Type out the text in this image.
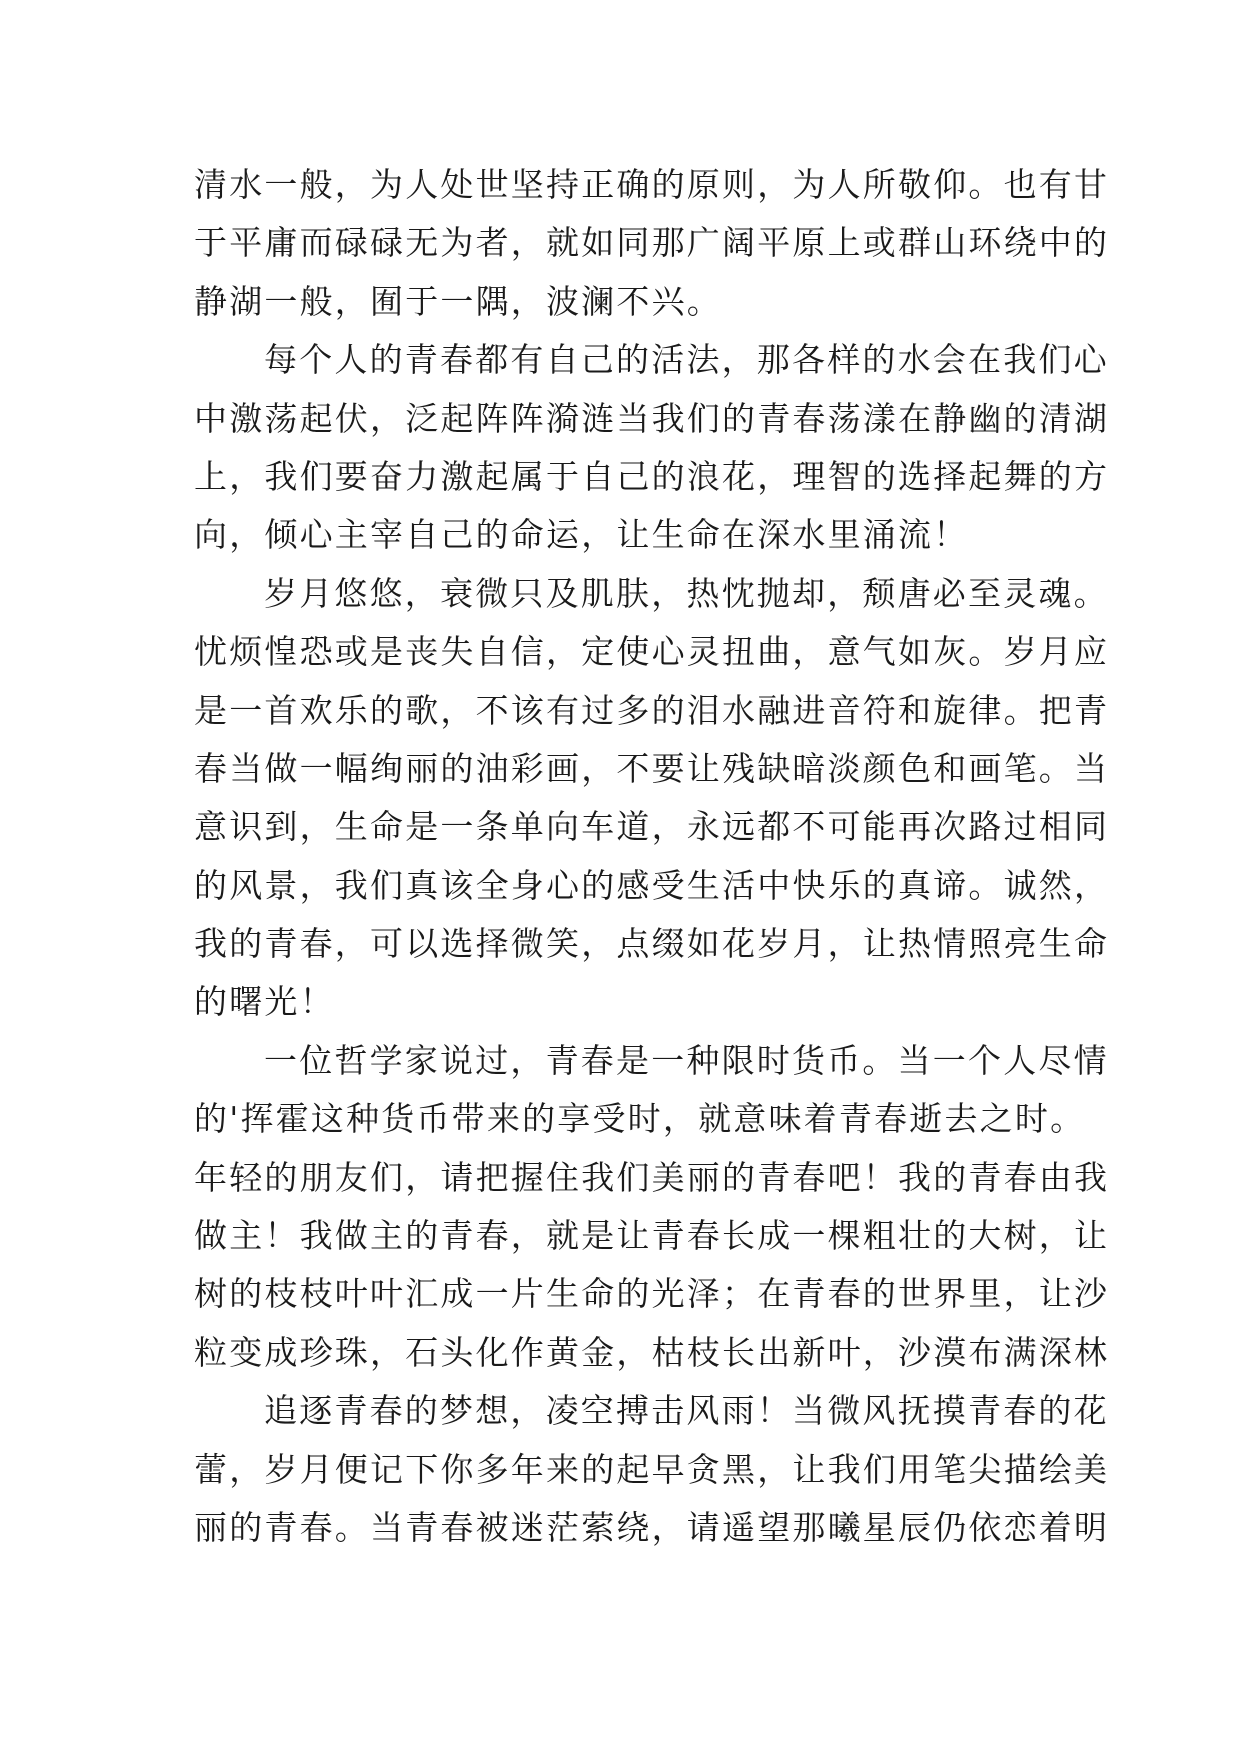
清水一般，为人处世坚持正确的原则，为人所敬仰。也有甘
于平庸而碌碌无为者，就如同那广阔平原上或群山环绕中的
静湖一般，囿于一隅，波澜不兴。
每个人的青春都有自己的活法，那各样的水会在我们心
中激荡起伏，泛起阵阵漪涟当我们的青春荡漾在静幽的清湖
上，我们要奋力激起属于自己的浪花，理智的选择起舞的方
向，倾心主宰自己的命运，让生命在深水里涌流！
岁月悠悠，衰微只及肌肤，热忱抛却，颓唐必至灵魂。
忧烦惶恐或是丧失自信，定使心灵扭曲，意气如灰。岁月应
是一首欢乐的歌，不该有过多的泪水融进音符和旋律。把青
春当做一幅绚丽的油彩画，不要让残缺暗淡颜色和画笔。当
意识到，生命是一条单向车道，永远都不可能再次路过相同
的风景，我们真该全身心的感受生活中快乐的真谛。诚然，
我的青春，可以选择微笑，点缀如花岁月，让热情照亮生命
的曙光！
一位哲学家说过，青春是一种限时货币。当一个人尽情
的'挥霍这种货币带来的享受时，就意味着青春逝去之时。
年轻的朋友们，请把握住我们美丽的青春吧！我的青春由我
做主！我做主的青春，就是让青春长成一棵粗壮的大树，让
树的枝枝叶叶汇成一片生命的光泽；在青春的世界里，让沙
粒变成珍珠，石头化作黄金，枯枝长出新叶，沙漠布满深林
追逐青春的梦想，凌空搏击风雨！当微风抚摸青春的花
蕾，岁月便记下你多年来的起早贪黑，让我们用笔尖描绘美
丽的青春。当青春被迷茫萦绕，请遥望那曦星辰仍依恋着明
